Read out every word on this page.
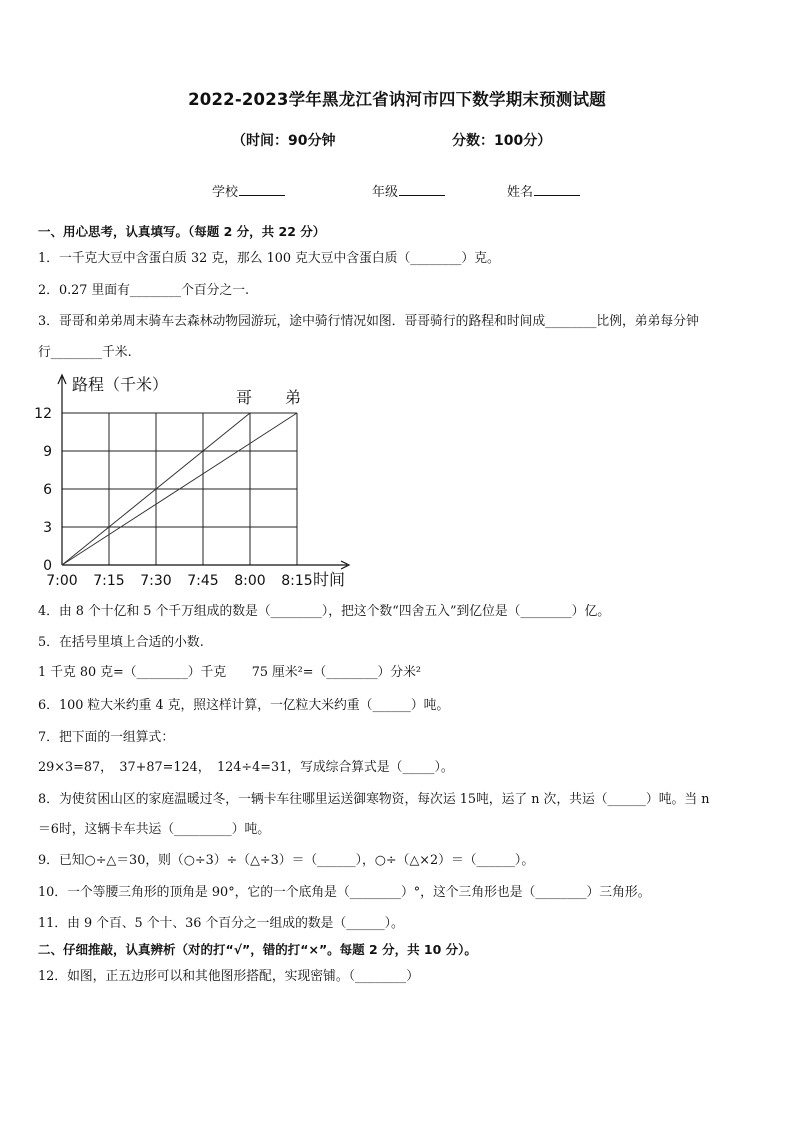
2022-2023学年黑龙江省讷河市四下数学期末预测试题
（时间：90分钟	分数：100分）
学校	年级	姓名
一、用心思考，认真填写。（每题 2 分，共 22 分）
1．一千克大豆中含蛋白质 32 克，那么 100 克大豆中含蛋白质（________）克。
2．0.27 里面有________个百分之一.
3．哥哥和弟弟周末骑车去森林动物园游玩，途中骑行情况如图．哥哥骑行的路程和时间成________比例，弟弟每分钟
行________千米.
路程（千米）
时间
0
3
6
9
12
7:00 7:15 7:30 7:45 8:00 8:15
哥 弟
4．由 8 个十亿和 5 个千万组成的数是（________），把这个数“四舍五入”到亿位是（________）亿。
5．在括号里填上合适的小数.
1 千克 80 克=（________）千克　　75 厘米²=（________）分米²
6．100 粒大米约重 4 克，照这样计算，一亿粒大米约重（______）吨。
7．把下面的一组算式：
29×3=87，　37+87=124，　124÷4=31，写成综合算式是（_____）。
8．为使贫困山区的家庭温暖过冬，一辆卡车往哪里运送御寒物资，每次运 15吨，运了 n 次，共运（______）吨。当 n
＝6时，这辆卡车共运（_________）吨。
9．已知○÷△＝30，则（○÷3）÷（△÷3）＝（______），○÷（△×2）＝（______）。
10．一个等腰三角形的顶角是 90°，它的一个底角是（________）°，这个三角形也是（________）三角形。
11．由 9 个百、5 个十、36 个百分之一组成的数是（______）。
二、仔细推敲，认真辨析（对的打“√”，错的打“×”。每题 2 分，共 10 分）。
12．如图，正五边形可以和其他图形搭配，实现密铺。（________）
